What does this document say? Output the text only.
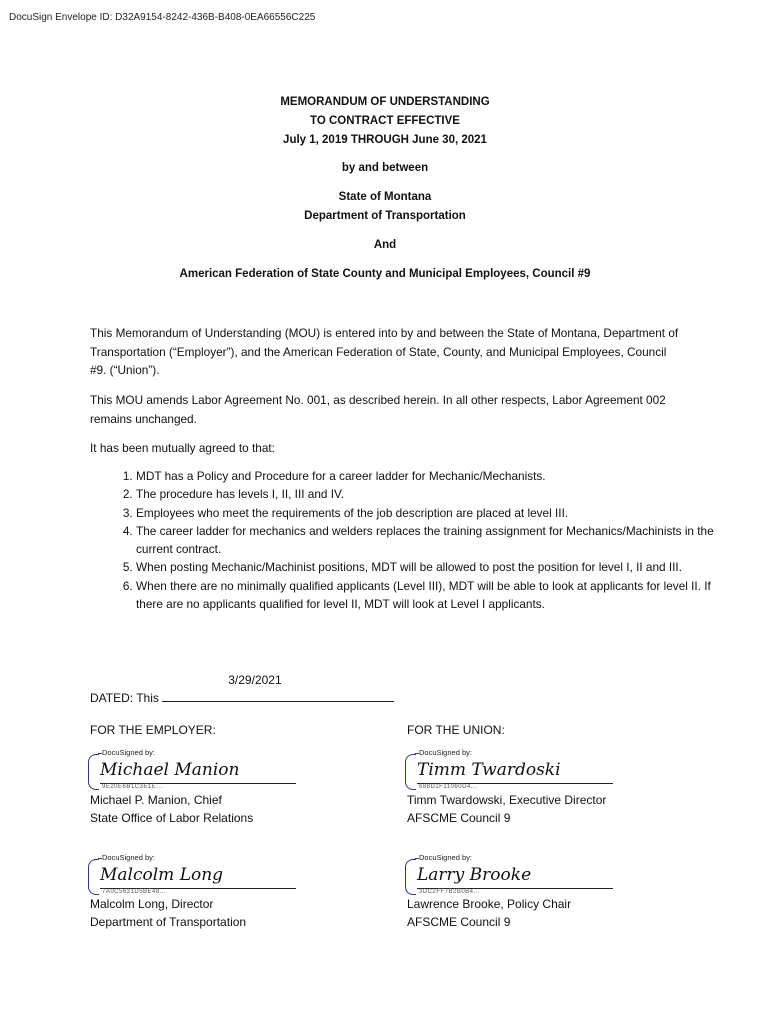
DocuSign Envelope ID: D32A9154-8242-436B-B408-0EA66556C225
MEMORANDUM OF UNDERSTANDING
TO CONTRACT EFFECTIVE
July 1, 2019 THROUGH June 30, 2021
by and between
State of Montana
Department of Transportation
And
American Federation of State County and Municipal Employees, Council #9

This Memorandum of Understanding (MOU) is entered into by and between the State of Montana, Department of Transportation (“Employer”), and the American Federation of State, County, and Municipal Employees, Council #9. (“Union”).

This MOU amends Labor Agreement No. 001, as described herein. In all other respects, Labor Agreement 002 remains unchanged.

It has been mutually agreed to that:

1. MDT has a Policy and Procedure for a career ladder for Mechanic/Mechanists.
2. The procedure has levels I, II, III and IV.
3. Employees who meet the requirements of the job description are placed at level III.
4. The career ladder for mechanics and welders replaces the training assignment for Mechanics/Machinists in the current contract.
5. When posting Mechanic/Machinist positions, MDT will be allowed to post the position for level I, II and III.
6. When there are no minimally qualified applicants (Level III), MDT will be able to look at applicants for level II. If there are no applicants qualified for level II, MDT will look at Level I applicants.
DATED: This
3/29/2021
FOR THE EMPLOYER:	FOR THE UNION:
DocuSigned by:
Michael Manion
9E20E6B1C3E1E...
Michael P. Manion, Chief
State Office of Labor Relations
DocuSigned by:
Timm Twardoski
688D1F11060D4...
Timm Twardowski, Executive Director
AFSCME Council 9
DocuSigned by:
Malcolm Long
7A0C5631D5BE48...
Malcolm Long, Director
Department of Transportation
DocuSigned by:
Larry Brooke
3DC2FF7B2B0B4...
Lawrence Brooke, Policy Chair
AFSCME Council 9
